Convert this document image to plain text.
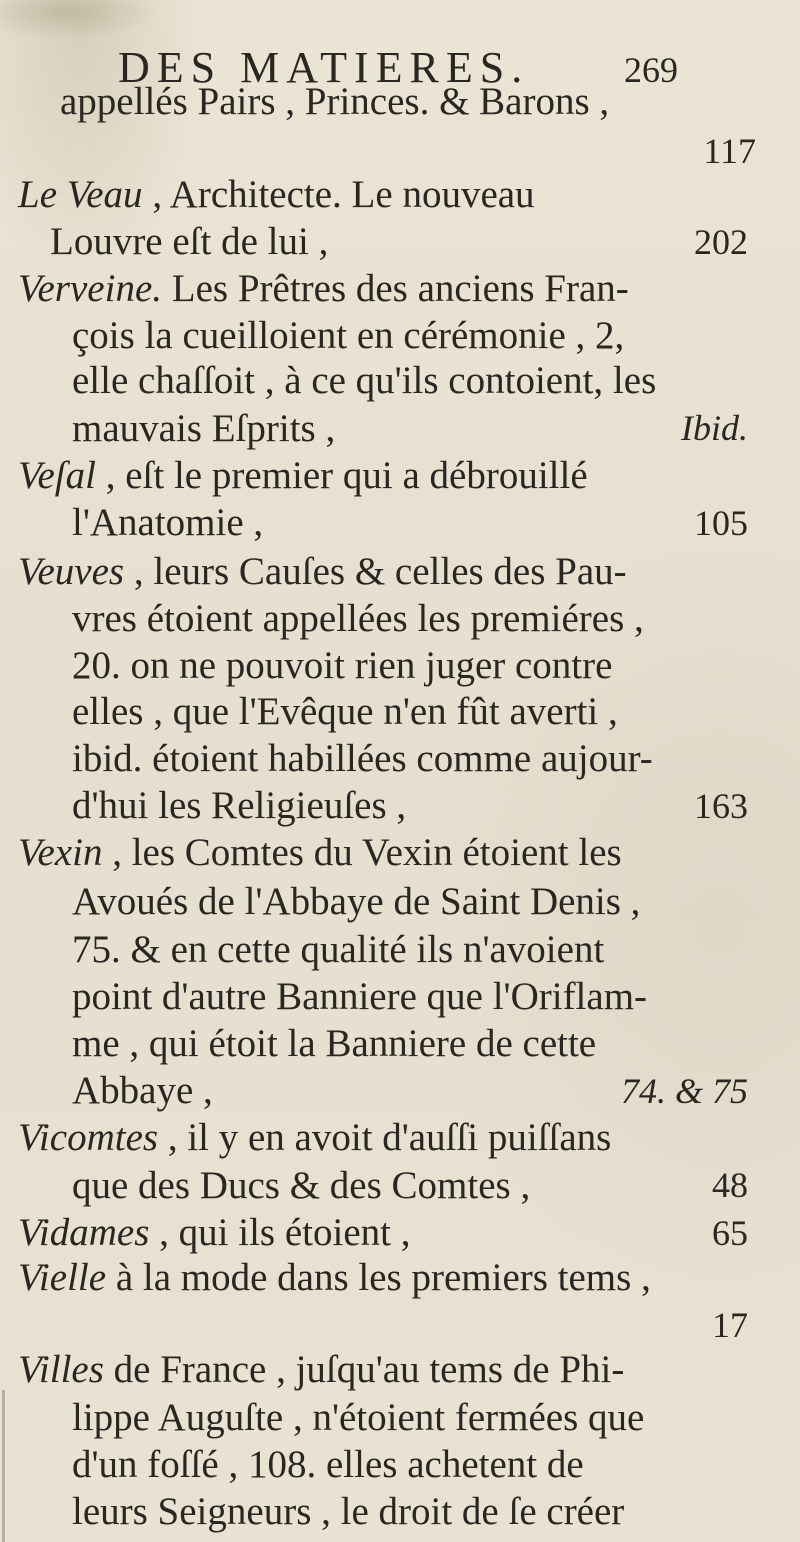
DES MATIERES.	269
appellés Pairs , Princes. & Barons ,
117
Le Veau , Architecte. Le nouveau
Louvre eſt de lui ,	202
Verveine. Les Prêtres des anciens Fran-
çois la cueilloient en cérémonie , 2,
elle chaſſoit , à ce qu'ils contoient, les
mauvais Eſprits ,	Ibid.
Veſal , eſt le premier qui a débrouillé
l'Anatomie ,	105
Veuves , leurs Cauſes & celles des Pau-
vres étoient appellées les premiéres ,
20. on ne pouvoit rien juger contre
elles , que l'Evêque n'en fût averti ,
ibid. étoient habillées comme aujour-
d'hui les Religieuſes ,	163
Vexin , les Comtes du Vexin étoient les
Avoués de l'Abbaye de Saint Denis ,
75. & en cette qualité ils n'avoient
point d'autre Banniere que l'Oriflam-
me , qui étoit la Banniere de cette
Abbaye ,	74. & 75
Vicomtes , il y en avoit d'auſſi puiſſans
que des Ducs & des Comtes ,	48
Vidames , qui ils étoient ,	65
Vielle à la mode dans les premiers tems ,
17
Villes de France , juſqu'au tems de Phi-
lippe Auguſte , n'étoient fermées que
d'un foſſé , 108. elles achetent de
leurs Seigneurs , le droit de ſe créer
